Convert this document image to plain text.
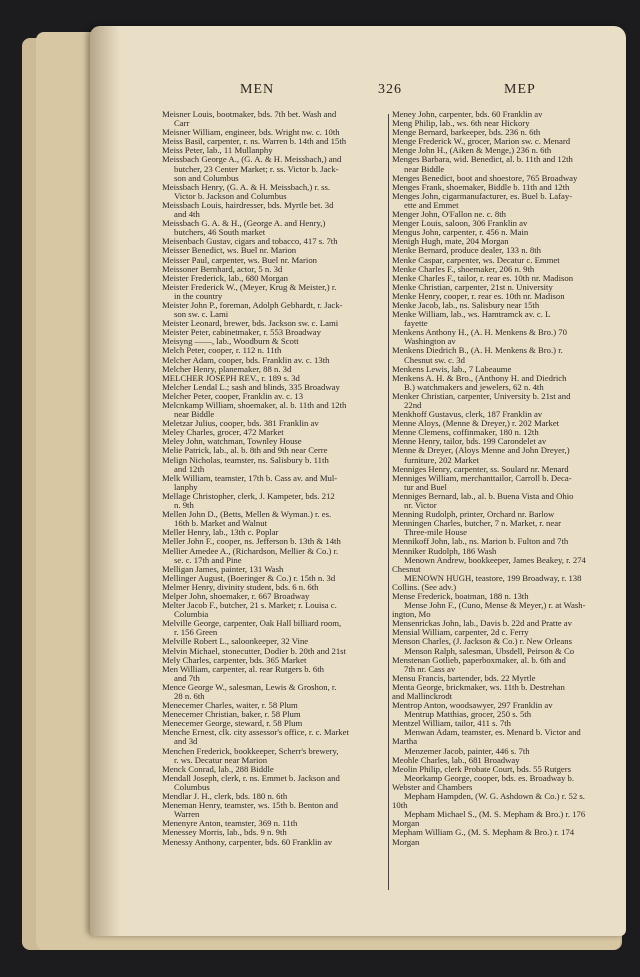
MEN	326	MEP
Meisner Louis, bootmaker, bds. 7th bet. Wash and
Carr
Meisner William, engineer, bds. Wright nw. c. 10th
Meiss Basil, carpenter, r. ns. Warren b. 14th and 15th
Meiss Peter, lab., 11 Mullanphy
Meissbach George A., (G. A. & H. Meissbach,) and
butcher, 23 Center Market; r. ss. Victor b. Jack-
son and Columbus
Meissbach Henry, (G. A. & H. Meissbach,) r. ss.
Victor b. Jackson and Columbus
Meissbach Louis, hairdresser, bds. Myrtle bet. 3d
and 4th
Meissbach G. A. & H., (George A. and Henry,)
butchers, 46 South market
Meisenbach Gustav, cigars and tobacco, 417 s. 7th
Meisser Benedict, ws. Buel nr. Marion
Meisser Paul, carpenter, ws. Buel nr. Marion
Meissoner Bernhard, actor, 5 n. 3d
Meister Frederick, lab., 680 Morgan
Meister Frederick W., (Meyer, Krug & Meister,) r.
in the country
Meister John P., foreman, Adolph Gebhardt, r. Jack-
son sw. c. Lami
Meister Leonard, brewer, bds. Jackson sw. c. Lami
Meister Peter, cabinetmaker, r. 553 Broadway
Meisyng ——, lab., Woodburn & Scott
Melch Peter, cooper, r. 112 n. 11th
Melcher Adam, cooper, bds. Franklin av. c. 13th
Melcher Henry, planemaker, 88 n. 3d
MELCHER JOSEPH REV., r. 189 s. 3d
Melcher Lendal L.; sash and blinds, 335 Broadway
Melcher Peter, cooper, Franklin av. c. 13
Melcnkamp William, shoemaker, al. b. 11th and 12th
near Biddle
Meletzar Julius, cooper, bds. 381 Franklin av
Meley Charles, grocer, 472 Market
Meley John, watchman, Townley House
Melie Patrick, lab., al. b. 8th and 9th near Cerre
Melign Nicholas, teamster, ns. Salisbury b. 11th
and 12th
Melk William, teamster, 17th b. Cass av. and Mul-
lanphy
Mellage Christopher, clerk, J. Kampeter, bds. 212
n. 9th
Mellen John D., (Betts, Mellen & Wyman.) r. es.
16th b. Market and Walnut
Meller Henry, lab., 13th c. Poplar
Meller John F., cooper, ns. Jefferson b. 13th & 14th
Mellier Amedee A., (Richardson, Mellier & Co.) r.
se. c. 17th and Pine
Melligan James, painter, 131 Wash
Mellinger August, (Boeringer & Co.) r. 15th n. 3d
Melmer Henry, divinity student, bds. 6 n. 6th
Melper John, shoemaker, r. 667 Broadway
Melter Jacob F., butcher, 21 s. Market; r. Louisa c.
Columbia
Melville George, carpenter, Oak Hall billiard room,
r. 156 Green
Melville Robert L., saloonkeeper, 32 Vine
Melvin Michael, stonecutter, Dodier b. 20th and 21st
Mely Charles, carpenter, bds. 365 Market
Men William, carpenter, al. rear Rutgers b. 6th
and 7th
Mence George W., salesman, Lewis & Groshon, r.
28 n. 6th
Menecemer Charles, waiter, r. 58 Plum
Menecemer Christian, baker, r. 58 Plum
Menecemer George, steward, r. 58 Plum
Menche Ernest, clk. city assessor's office, r. c. Market
and 3d
Menchen Frederick, bookkeeper, Scherr's brewery,
r. ws. Decatur near Marion
Menck Conrad, lab., 288 Biddle
Mendall Joseph, clerk, r. ns. Emmet b. Jackson and
Columbus
Mendlar J. H., clerk, bds. 180 n. 6th
Meneman Henry, teamster, ws. 15th b. Benton and
Warren
Menenyre Anton, teamster, 369 n. 11th
Menessey Morris, lab., bds. 9 n. 9th
Menessy Anthony, carpenter, bds. 60 Franklin av
Meney John, carpenter, bds. 60 Franklin av
Meng Philip, lab., ws. 6th near Hickory
Menge Bernard, barkeeper, bds. 236 n. 6th
Menge Frederick W., grocer, Marion sw. c. Menard
Menge John H., (Aiken & Menge,) 236 n. 6th
Menges Barbara, wid. Benedict, al. b. 11th and 12th
near Biddle
Menges Benedict, boot and shoestore, 765 Broadway
Menges Frank, shoemaker, Biddle b. 11th and 12th
Menges John, cigarmanufacturer, es. Buel b. Lafay-
ette and Emmet
Menger John, O'Fallon ne. c. 8th
Menger Louis, saloon, 306 Franklin av
Mengus John, carpenter, r. 456 n. Main
Menigh Hugh, mate, 204 Morgan
Menke Bernard, produce dealer, 133 n. 8th
Menke Caspar, carpenter, ws. Decatur c. Emmet
Menke Charles F., shoemaker, 206 n. 9th
Menke Charles F., tailor, r. rear es. 10th nr. Madison
Menke Christian, carpenter, 21st n. University
Menke Henry, cooper, r. rear es. 10th nr. Madison
Menke Jacob, lab., ns. Salisbury near 15th
Menke William, lab., ws. Hamtramck av. c. L
fayette
Menkens Anthony H., (A. H. Menkens & Bro.) 70
Washington av
Menkens Diedrich B., (A. H. Menkens & Bro.) r.
Chesnut sw. c. 3d
Menkens Lewis, lab., 7 Labeaume
Menkens A. H. & Bro., (Anthony H. and Diedrich
B.) watchmakers and jewelers, 62 n. 4th
Menker Christian, carpenter, University b. 21st and
22nd
Menkhoff Gustavus, clerk, 187 Franklin av
Menne Aloys, (Menne & Dreyer,) r. 202 Market
Menne Clemens, coffinmaker, 180 n. 12th
Menne Henry, tailor, bds. 199 Carondelet av
Menne & Dreyer, (Aloys Menne and John Dreyer,)
furniture, 202 Market
Menniges Henry, carpenter, ss. Soulard nr. Menard
Menniges William, merchanttailor, Carroll b. Deca-
tur and Buel
Menniges Bernard, lab., al. b. Buena Vista and Ohio
nr. Victor
Menning Rudolph, printer, Orchard nr. Barlow
Menningen Charles, butcher, 7 n. Market, r. near
Three-mile House
Mennikoff John, lab., ns. Marion b. Fulton and 7th
Menniker Rudolph, 186 Wash
Menown Andrew, bookkeeper, James Beakey, r. 274
Chesnut
MENOWN HUGH, teastore, 199 Broadway, r. 138
Collins. (See adv.)
Mense Frederick, boatman, 188 n. 13th
Mense John F., (Cuno, Mense & Meyer,) r. at Wash-
ington, Mo
Mensenrickas John, lab., Davis b. 22d and Pratte av
Mensial William, carpenter, 2d c. Ferry
Menson Charles, (J. Jackson & Co.) r. New Orleans
Menson Ralph, salesman, Ubsdell, Peirson & Co
Menstenan Gotlieb, paperboxmaker, al. b. 6th and
7th nr. Cass av
Mensu Francis, bartender, bds. 22 Myrtle
Menta George, brickmaker, ws. 11th b. Destrehan
and Mallinckrodt
Mentrop Anton, woodsawyer, 297 Franklin av
Mentrup Matthias, grocer, 250 s. 5th
Mentzel William, tailor, 411 s. 7th
Menwan Adam, teamster, es. Menard b. Victor and
Martha
Menzemer Jacob, painter, 446 s. 7th
Meohle Charles, lab., 681 Broadway
Meolin Philip, clerk Probate Court, bds. 55 Rutgers
Meorkamp George, cooper, bds. es. Broadway b.
Webster and Chambers
Mepham Hampden, (W. G. Ashdown & Co.) r. 52 s.
10th
Mepham Michael S., (M. S. Mepham & Bro.) r. 176
Morgan
Mepham William G., (M. S. Mepham & Bro.) r. 174
Morgan
